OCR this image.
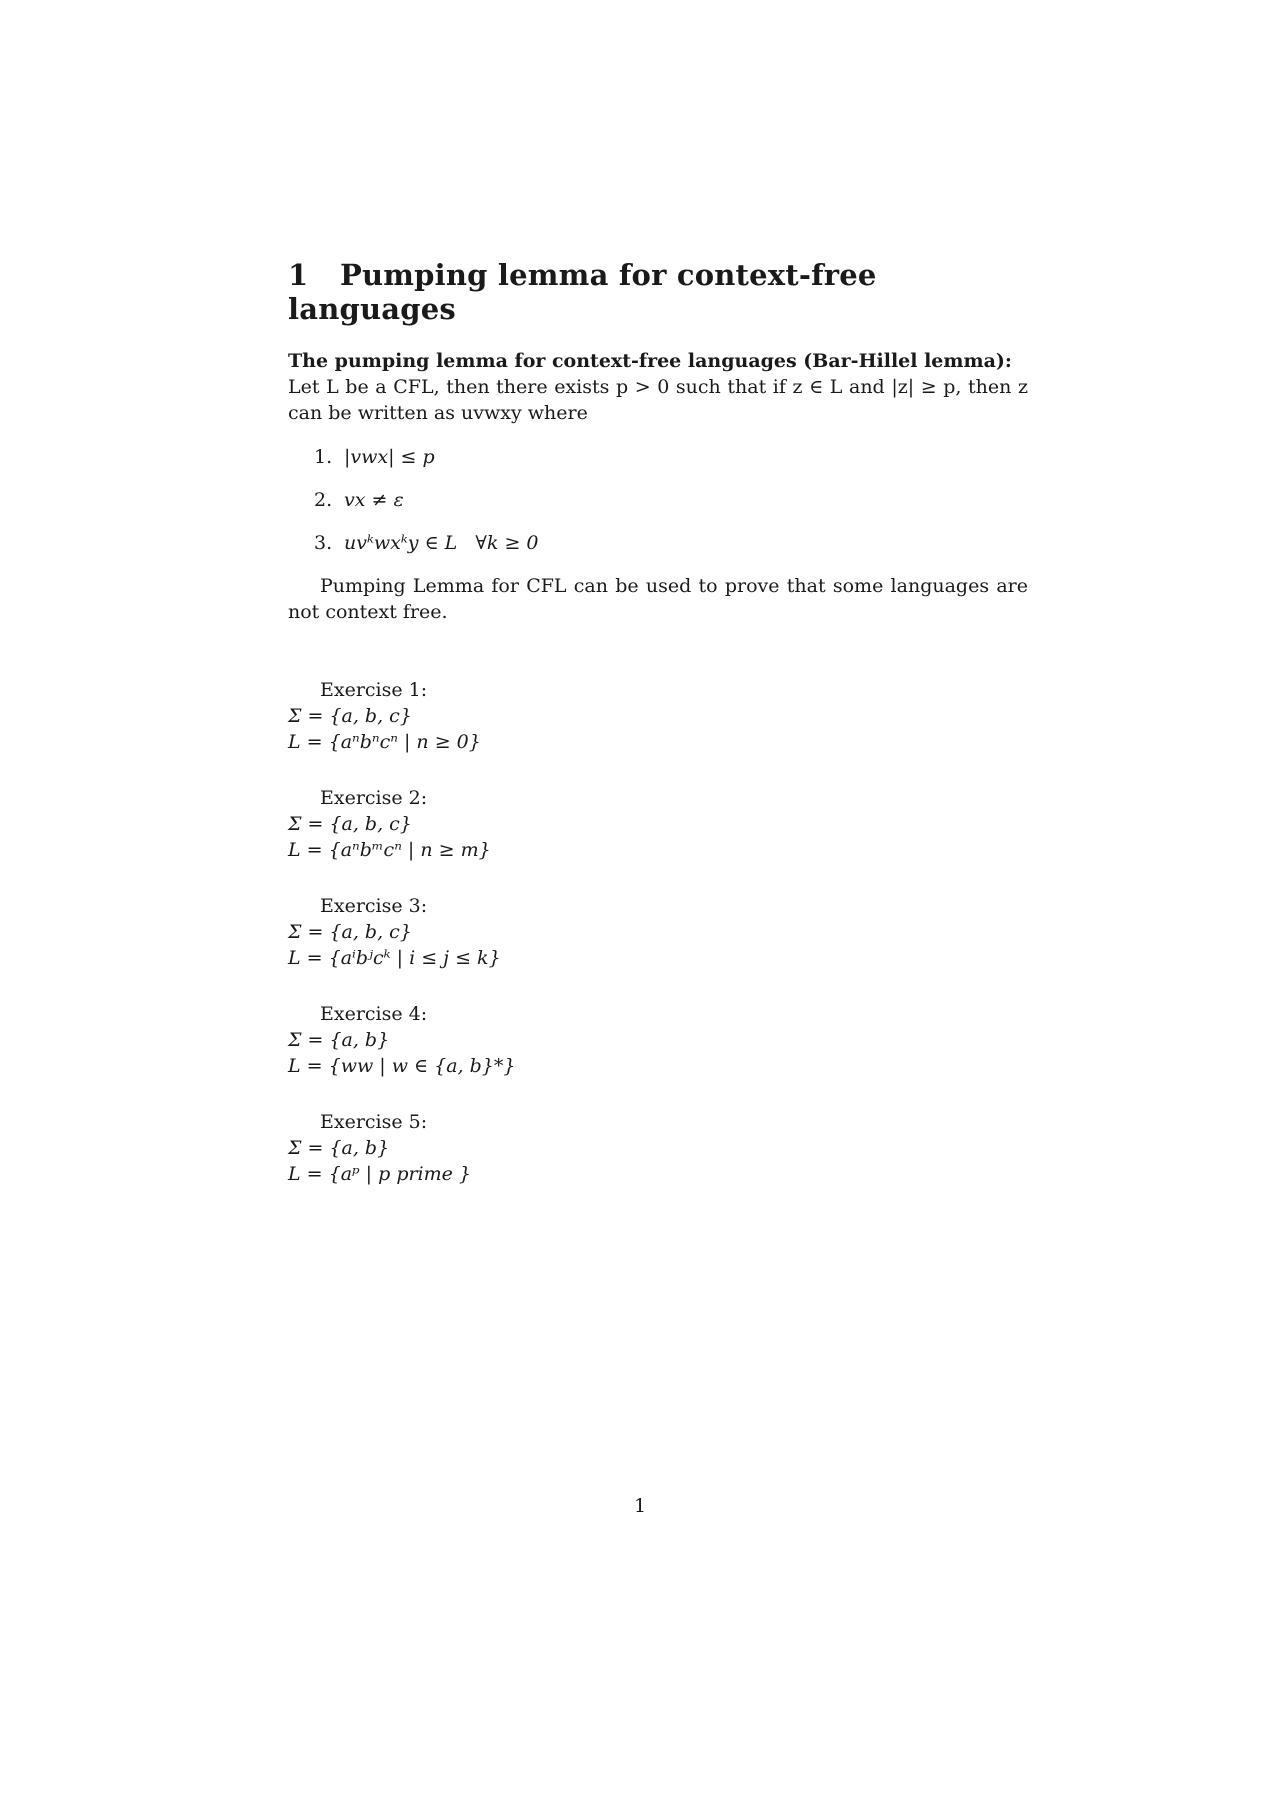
1 Pumping lemma for context-free languages

The pumping lemma for context-free languages (Bar-Hillel lemma):

Let L be a CFL, then there exists p > 0 such that if z ∈ L and |z| ≥ p, then z can be written as uvwxy where

1. |vwx| ≤ p
2. vx ≠ ε
3. uvᵏwxᵏy ∈ L   ∀k ≥ 0

Pumping Lemma for CFL can be used to prove that some languages are not context free.

Exercise 1:
Σ = {a, b, c}
L = {aⁿbⁿcⁿ | n ≥ 0}
Exercise 2:
Σ = {a, b, c}
L = {aⁿbᵐcⁿ | n ≥ m}
Exercise 3:
Σ = {a, b, c}
L = {aⁱbʲcᵏ | i ≤ j ≤ k}
Exercise 4:
Σ = {a, b}
L = {ww | w ∈ {a, b}*}
Exercise 5:
Σ = {a, b}
L = {aᵖ | p prime }
1
